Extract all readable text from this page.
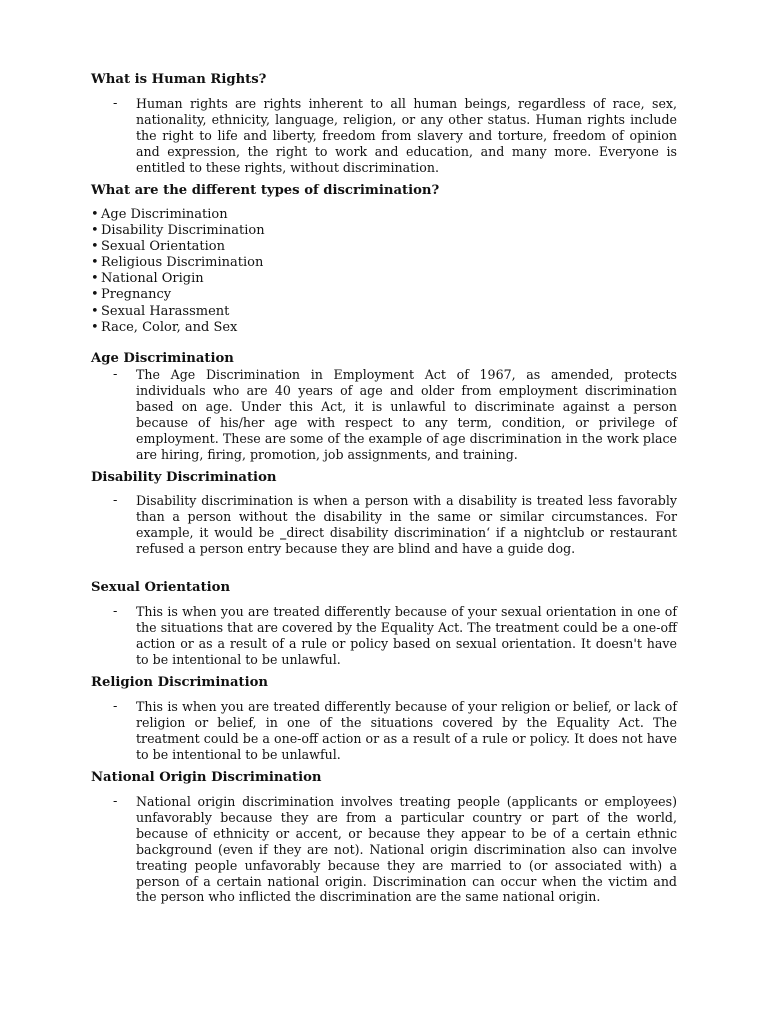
What is Human Rights?
- Human rights are rights inherent to all human beings, regardless of race, sex, nationality, ethnicity, language, religion, or any other status. Human rights include the right to life and liberty, freedom from slavery and torture, freedom of opinion and expression, the right to work and education, and many more. Everyone is entitled to these rights, without discrimination.
What are the different types of discrimination?
• Age Discrimination
• Disability Discrimination
• Sexual Orientation
• Religious Discrimination
• National Origin
• Pregnancy
• Sexual Harassment
• Race, Color, and Sex
Age Discrimination
- The Age Discrimination in Employment Act of 1967, as amended, protects individuals who are 40 years of age and older from employment discrimination based on age. Under this Act, it is unlawful to discriminate against a person because of his/her age with respect to any term, condition, or privilege of employment. These are some of the example of age discrimination in the work place are hiring, firing, promotion, job assignments, and training.
Disability Discrimination
- Disability discrimination is when a person with a disability is treated less favorably than a person without the disability in the same or similar circumstances. For example, it would be ‗direct disability discrimination‘ if a nightclub or restaurant refused a person entry because they are blind and have a guide dog.
Sexual Orientation
- This is when you are treated differently because of your sexual orientation in one of the situations that are covered by the Equality Act. The treatment could be a one-off action or as a result of a rule or policy based on sexual orientation. It doesn't have to be intentional to be unlawful.
Religion Discrimination
- This is when you are treated differently because of your religion or belief, or lack of religion or belief, in one of the situations covered by the Equality Act. The treatment could be a one-off action or as a result of a rule or policy. It does not have to be intentional to be unlawful.
National Origin Discrimination
- National origin discrimination involves treating people (applicants or employees) unfavorably because they are from a particular country or part of the world, because of ethnicity or accent, or because they appear to be of a certain ethnic background (even if they are not). National origin discrimination also can involve treating people unfavorably because they are married to (or associated with) a person of a certain national origin. Discrimination can occur when the victim and the person who inflicted the discrimination are the same national origin.
